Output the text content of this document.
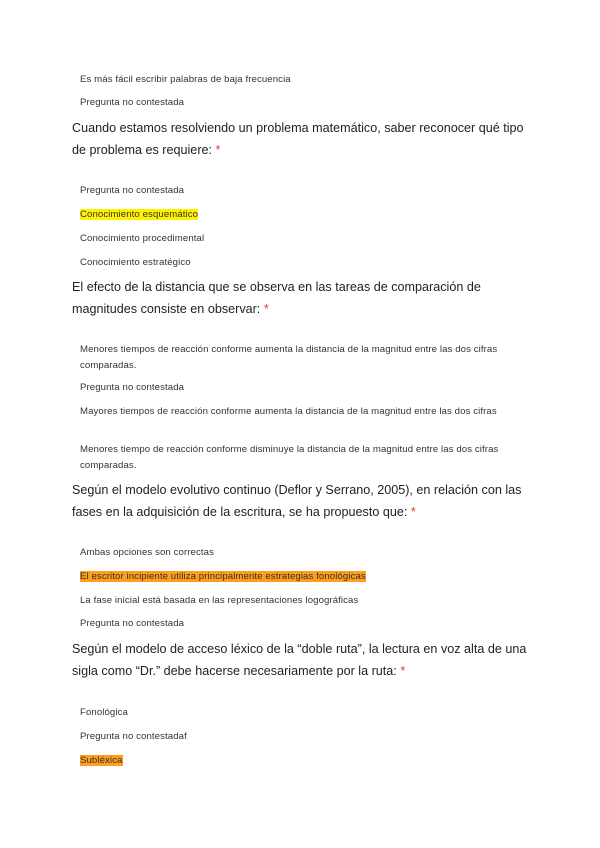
Es más fácil escribir palabras de baja frecuencia
Pregunta no contestada
Cuando estamos resolviendo un problema matemático, saber reconocer qué tipo de problema es requiere: *
Pregunta no contestada
Conocimiento esquemático
Conocimiento procedimental
Conocimiento estratégico
El efecto de la distancia que se observa en las tareas de comparación de magnitudes consiste en observar: *
Menores tiempos de reacción conforme aumenta la distancia de la magnitud entre las dos cifras comparadas.
Pregunta no contestada
Mayores tiempos de reacción conforme aumenta la distancia de la magnitud entre las dos cifras
Menores tiempo de reacción conforme disminuye la distancia de la magnitud entre las dos cifras comparadas.
Según el modelo evolutivo continuo (Deflor y Serrano, 2005), en relación con las fases en la adquisición de la escritura, se ha propuesto que: *
Ambas opciones son correctas
El escritor incipiente utiliza principalmente estrategias fonológicas
La fase inicial está basada en las representaciones logográficas
Pregunta no contestada
Según el modelo de acceso léxico de la “doble ruta”, la lectura en voz alta de una sigla como “Dr.” debe hacerse necesariamente por la ruta: *
Fonológica
Pregunta no contestadaf
Subléxica
